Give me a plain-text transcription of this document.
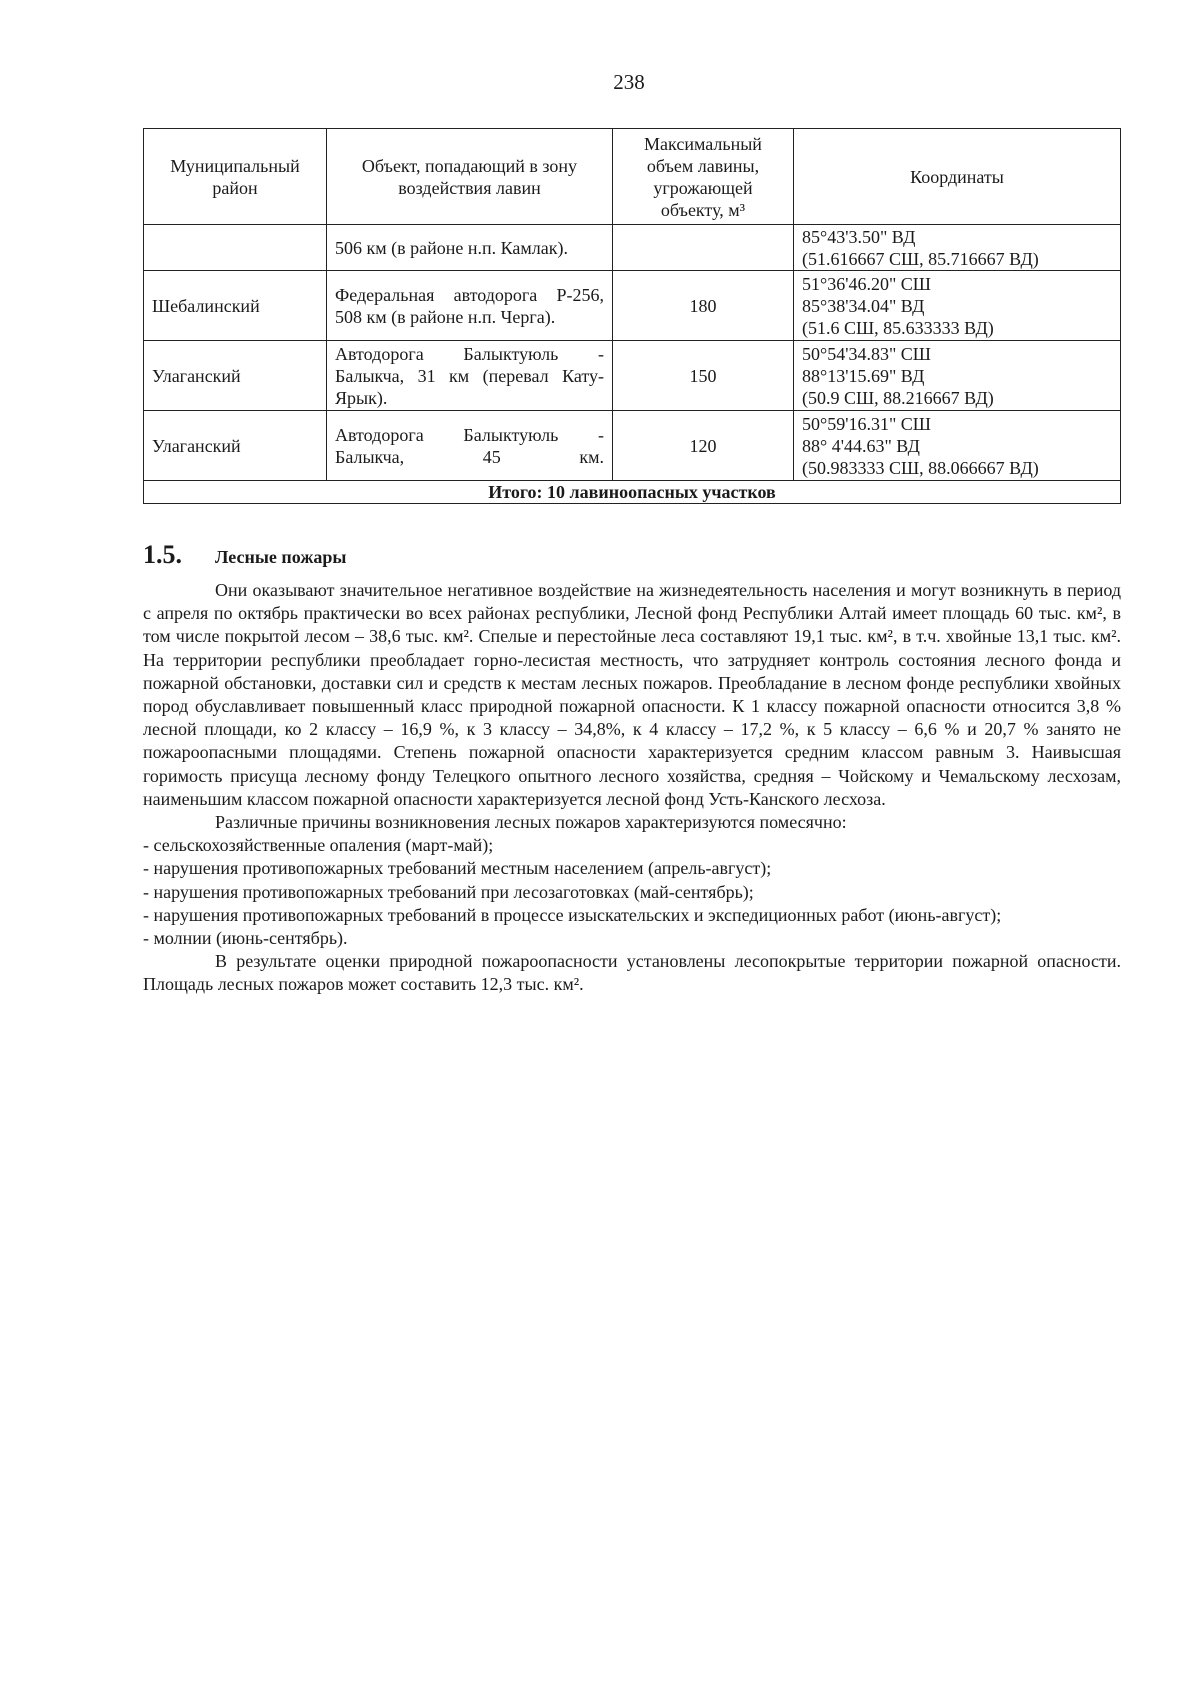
238
Муниципальный район	Объект, попадающий в зону воздействия лавин	Максимальный объем лавины, угрожающей объекту, м³	Координаты
	506 км (в районе н.п. Камлак).		85°43'3.50" ВД
(51.616667 СШ, 85.716667 ВД)
Шебалинский	Федеральная автодорога Р-256, 508 км (в районе н.п. Черга).	180	51°36'46.20" СШ
85°38'34.04" ВД
(51.6 СШ, 85.633333 ВД)
Улаганский	Автодорога Балыктуюль - Балыкча, 31 км (перевал Кату-Ярык).	150	50°54'34.83" СШ
88°13'15.69" ВД
(50.9 СШ, 88.216667 ВД)
Улаганский	Автодорога Балыктуюль - Балыкча, 45 км.	120	50°59'16.31" СШ
88° 4'44.63" ВД
(50.983333 СШ, 88.066667 ВД)
Итого: 10 лавиноопасных участков			
1.5. Лесные пожары

Они оказывают значительное негативное воздействие на жизнедеятельность населения и могут возникнуть в период с апреля по октябрь практически во всех районах республики, Лесной фонд Республики Алтай имеет площадь 60 тыс. км², в том числе покрытой лесом – 38,6 тыс. км². Спелые и перестойные леса составляют 19,1 тыс. км², в т.ч. хвойные 13,1 тыс. км². На территории республики преобладает горно-лесистая местность, что затрудняет контроль состояния лесного фонда и пожарной обстановки, доставки сил и средств к местам лесных пожаров. Преобладание в лесном фонде республики хвойных пород обуславливает повышенный класс природной пожарной опасности. К 1 классу пожарной опасности относится 3,8 % лесной площади, ко 2 классу – 16,9 %, к 3 классу – 34,8%, к 4 классу – 17,2 %, к 5 классу – 6,6 % и 20,7 % занято не пожароопасными площадями. Степень пожарной опасности характеризуется средним классом равным 3. Наивысшая горимость присуща лесному фонду Телецкого опытного лесного хозяйства, средняя – Чойскому и Чемальскому лесхозам, наименьшим классом пожарной опасности характеризуется лесной фонд Усть-Канского лесхоза.

Различные причины возникновения лесных пожаров характеризуются помесячно:

- сельскохозяйственные опаления (март-май);
- нарушения противопожарных требований местным населением (апрель-август);
- нарушения противопожарных требований при лесозаготовках (май-сентябрь);
- нарушения противопожарных требований в процессе изыскательских и экспедиционных работ (июнь-август);
- молнии (июнь-сентябрь).

В результате оценки природной пожароопасности установлены лесопокрытые территории пожарной опасности. Площадь лесных пожаров может составить 12,3 тыс. км².
